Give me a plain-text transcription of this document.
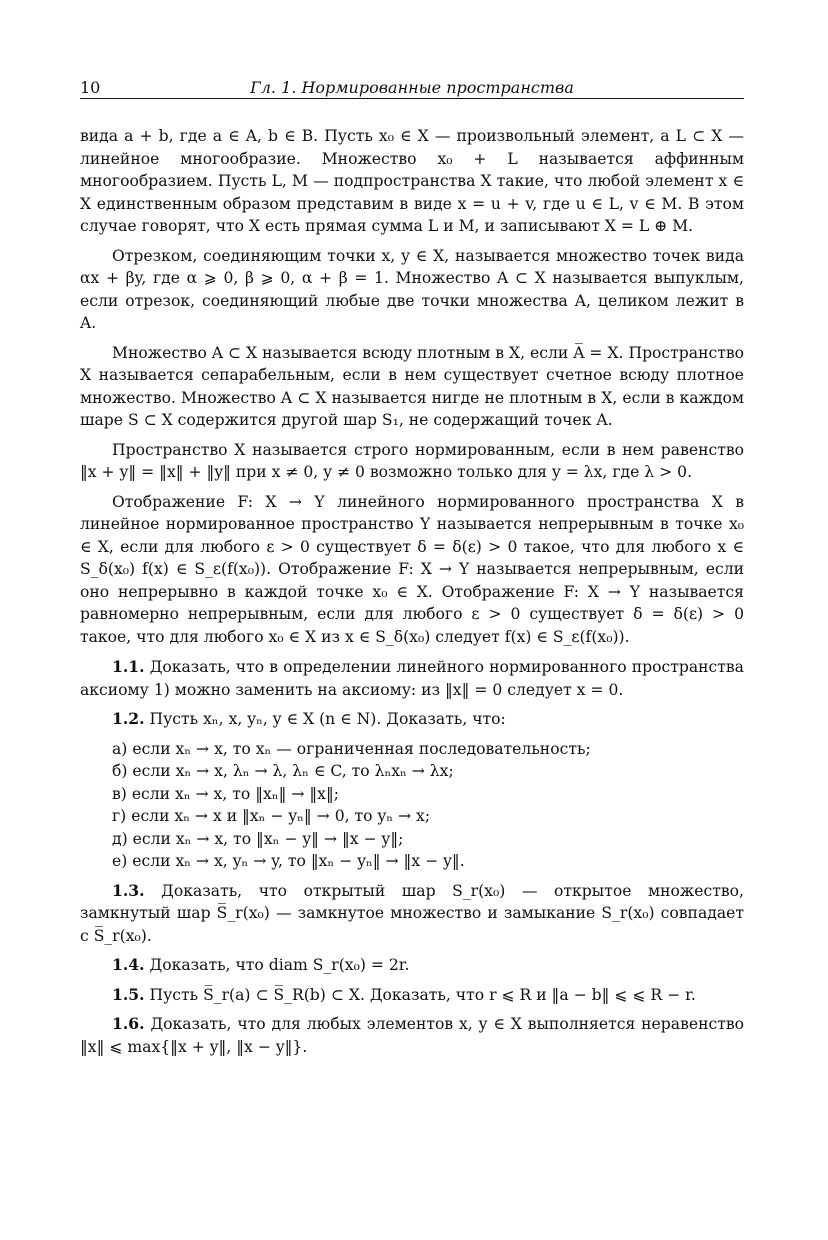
10	Гл. 1. Нормированные пространства

вида a + b, где a ∈ A, b ∈ B. Пусть x₀ ∈ X — произвольный элемент, а L ⊂ X — линейное многообразие. Множество x₀ + L называется аффинным многообразием. Пусть L, M — подпространства X такие, что любой элемент x ∈ X единственным образом представим в виде x = u + v, где u ∈ L, v ∈ M. В этом случае говорят, что X есть прямая сумма L и M, и записывают X = L ⊕ M.

Отрезком, соединяющим точки x, y ∈ X, называется множество точек вида αx + βy, где α ⩾ 0, β ⩾ 0, α + β = 1. Множество A ⊂ X называется выпуклым, если отрезок, соединяющий любые две точки множества A, целиком лежит в A.

Множество A ⊂ X называется всюду плотным в X, если A̅ = X. Пространство X называется сепарабельным, если в нем существует счетное всюду плотное множество. Множество A ⊂ X называется нигде не плотным в X, если в каждом шаре S ⊂ X содержится другой шар S₁, не содержащий точек A.

Пространство X называется строго нормированным, если в нем равенство ‖x + y‖ = ‖x‖ + ‖y‖ при x ≠ 0, y ≠ 0 возможно только для y = λx, где λ > 0.

Отображение F: X → Y линейного нормированного пространства X в линейное нормированное пространство Y называется непрерывным в точке x₀ ∈ X, если для любого ε > 0 существует δ = δ(ε) > 0 такое, что для любого x ∈ S_δ(x₀) f(x) ∈ S_ε(f(x₀)). Отображение F: X → Y называется непрерывным, если оно непрерывно в каждой точке x₀ ∈ X. Отображение F: X → Y называется равномерно непрерывным, если для любого ε > 0 существует δ = δ(ε) > 0 такое, что для любого x₀ ∈ X из x ∈ S_δ(x₀) следует f(x) ∈ S_ε(f(x₀)).

1.1. Доказать, что в определении линейного нормированного пространства аксиому 1) можно заменить на аксиому: из ‖x‖ = 0 следует x = 0.

1.2. Пусть xₙ, x, yₙ, y ∈ X (n ∈ N). Доказать, что:

а) если xₙ → x, то xₙ — ограниченная последовательность;
б) если xₙ → x, λₙ → λ, λₙ ∈ C, то λₙxₙ → λx;
в) если xₙ → x, то ‖xₙ‖ → ‖x‖;
г) если xₙ → x и ‖xₙ − yₙ‖ → 0, то yₙ → x;
д) если xₙ → x, то ‖xₙ − y‖ → ‖x − y‖;
е) если xₙ → x, yₙ → y, то ‖xₙ − yₙ‖ → ‖x − y‖.

1.3. Доказать, что открытый шар S_r(x₀) — открытое множество, замкнутый шар S̅_r(x₀) — замкнутое множество и замыкание S_r(x₀) совпадает с S̅_r(x₀).

1.4. Доказать, что diam S_r(x₀) = 2r.

1.5. Пусть S̅_r(a) ⊂ S̅_R(b) ⊂ X. Доказать, что r ⩽ R и ‖a − b‖ ⩽ ⩽ R − r.

1.6. Доказать, что для любых элементов x, y ∈ X выполняется неравенство ‖x‖ ⩽ max{‖x + y‖, ‖x − y‖}.
